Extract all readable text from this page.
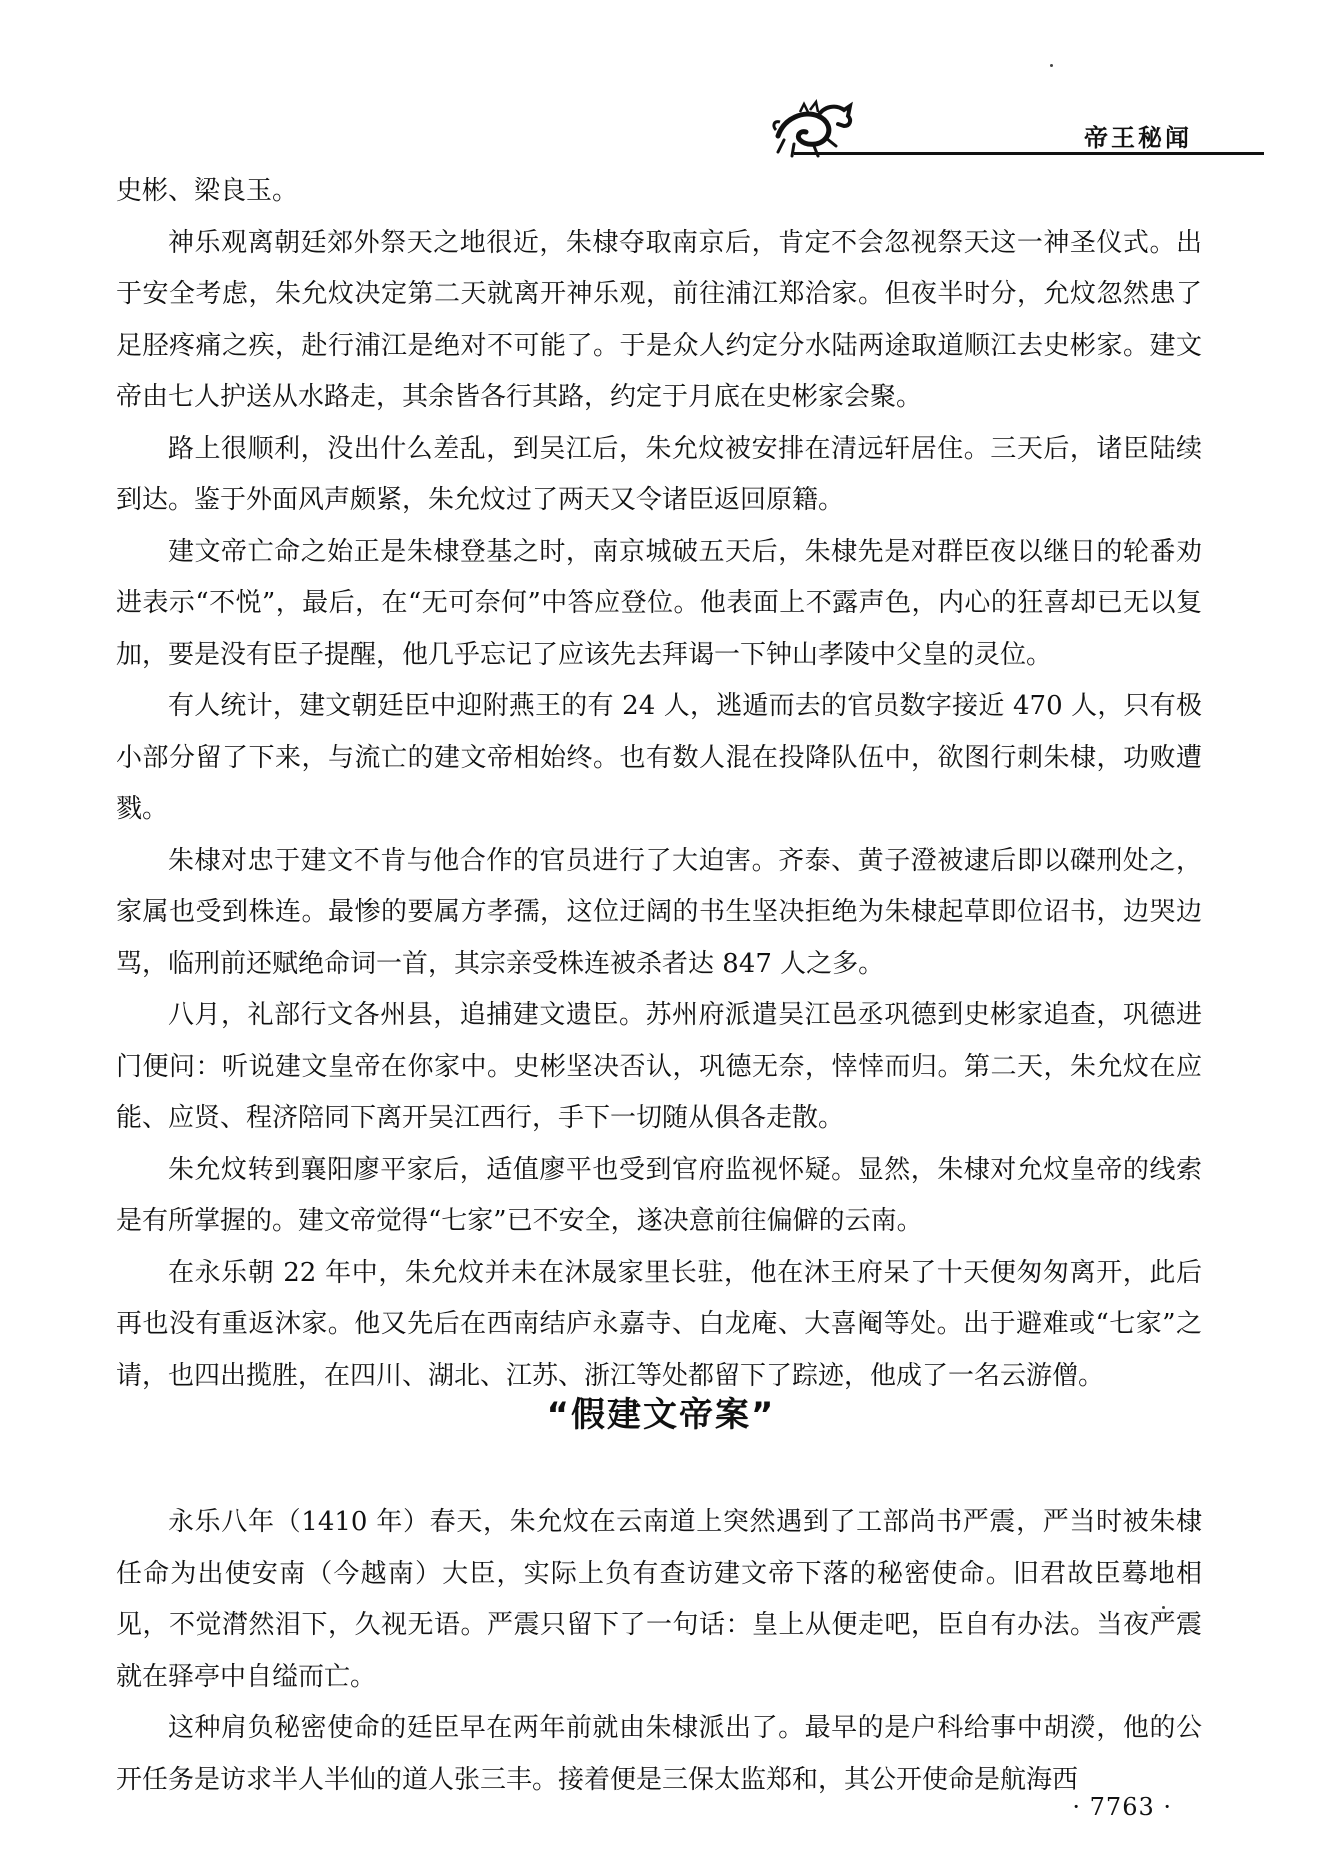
帝王秘闻

史彬、梁良玉。

神乐观离朝廷郊外祭天之地很近，朱棣夺取南京后，肯定不会忽视祭天这一神圣仪式。出于安全考虑，朱允炆决定第二天就离开神乐观，前往浦江郑洽家。但夜半时分，允炆忽然患了足胫疼痛之疾，赴行浦江是绝对不可能了。于是众人约定分水陆两途取道顺江去史彬家。建文帝由七人护送从水路走，其余皆各行其路，约定于月底在史彬家会聚。

路上很顺利，没出什么差乱，到吴江后，朱允炆被安排在清远轩居住。三天后，诸臣陆续到达。鉴于外面风声颇紧，朱允炆过了两天又令诸臣返回原籍。

建文帝亡命之始正是朱棣登基之时，南京城破五天后，朱棣先是对群臣夜以继日的轮番劝进表示“不悦”，最后，在“无可奈何”中答应登位。他表面上不露声色，内心的狂喜却已无以复加，要是没有臣子提醒，他几乎忘记了应该先去拜谒一下钟山孝陵中父皇的灵位。

有人统计，建文朝廷臣中迎附燕王的有 24 人，逃遁而去的官员数字接近 470 人，只有极小部分留了下来，与流亡的建文帝相始终。也有数人混在投降队伍中，欲图行刺朱棣，功败遭戮。

朱棣对忠于建文不肯与他合作的官员进行了大迫害。齐泰、黄子澄被逮后即以磔刑处之，家属也受到株连。最惨的要属方孝孺，这位迂阔的书生坚决拒绝为朱棣起草即位诏书，边哭边骂，临刑前还赋绝命词一首，其宗亲受株连被杀者达 847 人之多。

八月，礼部行文各州县，追捕建文遗臣。苏州府派遣吴江邑丞巩德到史彬家追查，巩德进门便问：听说建文皇帝在你家中。史彬坚决否认，巩德无奈，悻悻而归。第二天，朱允炆在应能、应贤、程济陪同下离开吴江西行，手下一切随从俱各走散。

朱允炆转到襄阳廖平家后，适值廖平也受到官府监视怀疑。显然，朱棣对允炆皇帝的线索是有所掌握的。建文帝觉得“七家”已不安全，遂决意前往偏僻的云南。

在永乐朝 22 年中，朱允炆并未在沐晟家里长驻，他在沐王府呆了十天便匆匆离开，此后再也没有重返沐家。他又先后在西南结庐永嘉寺、白龙庵、大喜阉等处。出于避难或“七家”之请，也四出揽胜，在四川、湖北、江苏、浙江等处都留下了踪迹，他成了一名云游僧。

“假建文帝案”

永乐八年（1410 年）春天，朱允炆在云南道上突然遇到了工部尚书严震，严当时被朱棣任命为出使安南（今越南）大臣，实际上负有查访建文帝下落的秘密使命。旧君故臣蓦地相见，不觉潸然泪下，久视无语。严震只留下了一句话：皇上从便走吧，臣自有办法。当夜严震就在驿亭中自缢而亡。

这种肩负秘密使命的廷臣早在两年前就由朱棣派出了。最早的是户科给事中胡濙，他的公开任务是访求半人半仙的道人张三丰。接着便是三保太监郑和，其公开使命是航海西

· 7763 ·
